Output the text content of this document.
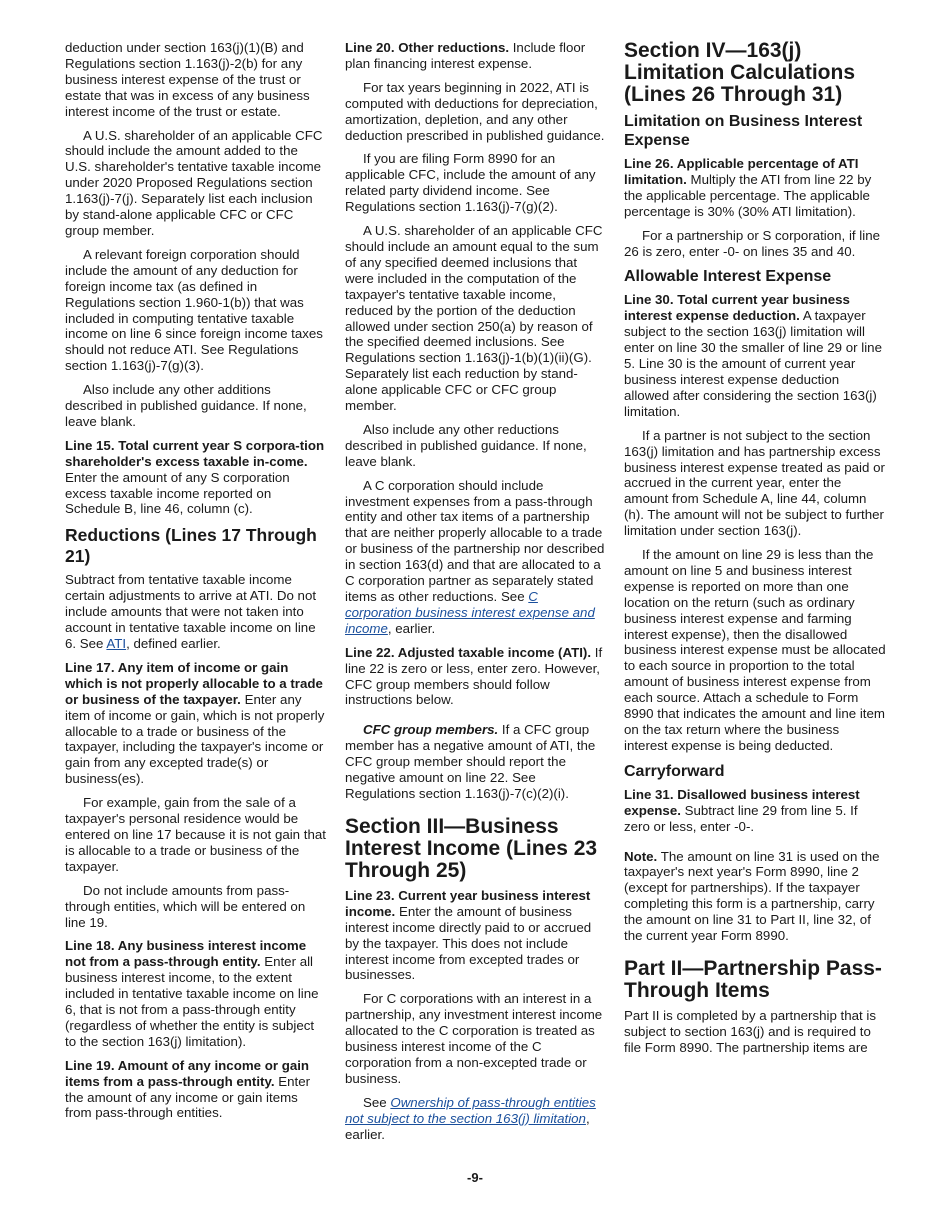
deduction under section 163(j)(1)(B) and Regulations section 1.163(j)-2(b) for any business interest expense of the trust or estate that was in excess of any business interest income of the trust or estate.

A U.S. shareholder of an applicable CFC should include the amount added to the U.S. shareholder's tentative taxable income under 2020 Proposed Regulations section 1.163(j)-7(j). Separately list each inclusion by stand-alone applicable CFC or CFC group member.

A relevant foreign corporation should include the amount of any deduction for foreign income tax (as defined in Regulations section 1.960-1(b)) that was included in computing tentative taxable income on line 6 since foreign income taxes should not reduce ATI. See Regulations section 1.163(j)-7(g)(3).

Also include any other additions described in published guidance. If none, leave blank.

Line 15. Total current year S corpora-tion shareholder's excess taxable in-come. Enter the amount of any S corporation excess taxable income reported on Schedule B, line 46, column (c).

Reductions (Lines 17 Through 21)

Subtract from tentative taxable income certain adjustments to arrive at ATI. Do not include amounts that were not taken into account in tentative taxable income on line 6. See ATI, defined earlier.

Line 17. Any item of income or gain which is not properly allocable to a trade or business of the taxpayer. Enter any item of income or gain, which is not properly allocable to a trade or business of the taxpayer, including the taxpayer's income or gain from any excepted trade(s) or business(es).

For example, gain from the sale of a taxpayer's personal residence would be entered on line 17 because it is not gain that is allocable to a trade or business of the taxpayer.

Do not include amounts from pass-through entities, which will be entered on line 19.

Line 18. Any business interest income not from a pass-through entity. Enter all business interest income, to the extent included in tentative taxable income on line 6, that is not from a pass-through entity (regardless of whether the entity is subject to the section 163(j) limitation).

Line 19. Amount of any income or gain items from a pass-through entity. Enter the amount of any income or gain items from pass-through entities.

Line 20. Other reductions. Include floor plan financing interest expense.

For tax years beginning in 2022, ATI is computed with deductions for depreciation, amortization, depletion, and any other deduction prescribed in published guidance.

If you are filing Form 8990 for an applicable CFC, include the amount of any related party dividend income. See Regulations section 1.163(j)-7(g)(2).

A U.S. shareholder of an applicable CFC should include an amount equal to the sum of any specified deemed inclusions that were included in the computation of the taxpayer's tentative taxable income, reduced by the portion of the deduction allowed under section 250(a) by reason of the specified deemed inclusions. See Regulations section 1.163(j)-1(b)(1)(ii)(G). Separately list each reduction by stand-alone applicable CFC or CFC group member.

Also include any other reductions described in published guidance. If none, leave blank.

A C corporation should include investment expenses from a pass-through entity and other tax items of a partnership that are neither properly allocable to a trade or business of the partnership nor described in section 163(d) and that are allocated to a C corporation partner as separately stated items as other reductions. See C corporation business interest expense and income, earlier.

Line 22. Adjusted taxable income (ATI). If line 22 is zero or less, enter zero. However, CFC group members should follow instructions below.

CFC group members. If a CFC group member has a negative amount of ATI, the CFC group member should report the negative amount on line 22. See Regulations section 1.163(j)-7(c)(2)(i).

Section III—Business Interest Income (Lines 23 Through 25)

Line 23. Current year business interest income. Enter the amount of business interest income directly paid to or accrued by the taxpayer. This does not include interest income from excepted trades or businesses.

For C corporations with an interest in a partnership, any investment interest income allocated to the C corporation is treated as business interest income of the C corporation from a non-excepted trade or business.

See Ownership of pass-through entities not subject to the section 163(j) limitation, earlier.

Section IV—163(j) Limitation Calculations (Lines 26 Through 31)
Limitation on Business Interest Expense

Line 26. Applicable percentage of ATI limitation. Multiply the ATI from line 22 by the applicable percentage. The applicable percentage is 30% (30% ATI limitation).

For a partnership or S corporation, if line 26 is zero, enter -0- on lines 35 and 40.

Allowable Interest Expense

Line 30. Total current year business interest expense deduction. A taxpayer subject to the section 163(j) limitation will enter on line 30 the smaller of line 29 or line 5. Line 30 is the amount of current year business interest expense deduction allowed after considering the section 163(j) limitation.

If a partner is not subject to the section 163(j) limitation and has partnership excess business interest expense treated as paid or accrued in the current year, enter the amount from Schedule A, line 44, column (h). The amount will not be subject to further limitation under section 163(j).

If the amount on line 29 is less than the amount on line 5 and business interest expense is reported on more than one location on the return (such as ordinary business interest expense and farming interest expense), then the disallowed business interest expense must be allocated to each source in proportion to the total amount of business interest expense from each source. Attach a schedule to Form 8990 that indicates the amount and line item on the tax return where the business interest expense is being deducted.

Carryforward

Line 31. Disallowed business interest expense. Subtract line 29 from line 5. If zero or less, enter -0-.

Note. The amount on line 31 is used on the taxpayer's next year's Form 8990, line 2 (except for partnerships). If the taxpayer completing this form is a partnership, carry the amount on line 31 to Part II, line 32, of the current year Form 8990.

Part II—Partnership Pass-Through Items

Part II is completed by a partnership that is subject to section 163(j) and is required to file Form 8990. The partnership items are

-9-
